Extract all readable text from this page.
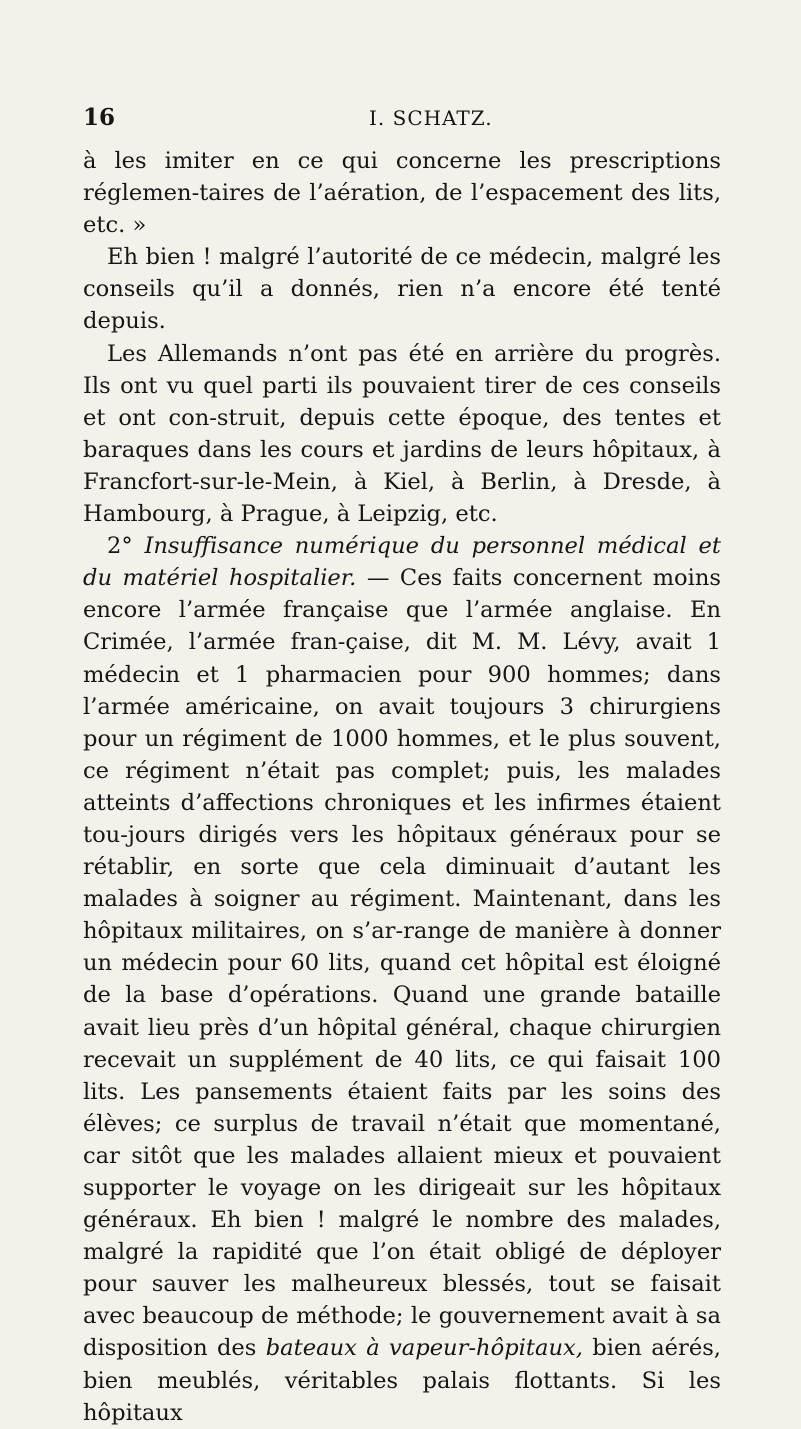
16	I. SCHATZ.

à les imiter en ce qui concerne les prescriptions réglemen-taires de l’aération, de l’espacement des lits, etc. »

Eh bien ! malgré l’autorité de ce médecin, malgré les conseils qu’il a donnés, rien n’a encore été tenté depuis.

Les Allemands n’ont pas été en arrière du progrès. Ils ont vu quel parti ils pouvaient tirer de ces conseils et ont con-struit, depuis cette époque, des tentes et baraques dans les cours et jardins de leurs hôpitaux, à Francfort-sur-le-Mein, à Kiel, à Berlin, à Dresde, à Hambourg, à Prague, à Leipzig, etc.

2° Insuffisance numérique du personnel médical et du matériel hospitalier. — Ces faits concernent moins encore l’armée française que l’armée anglaise. En Crimée, l’armée fran-çaise, dit M. M. Lévy, avait 1 médecin et 1 pharmacien pour 900 hommes; dans l’armée américaine, on avait toujours 3 chirurgiens pour un régiment de 1000 hommes, et le plus souvent, ce régiment n’était pas complet; puis, les malades atteints d’affections chroniques et les infirmes étaient tou-jours dirigés vers les hôpitaux généraux pour se rétablir, en sorte que cela diminuait d’autant les malades à soigner au régiment. Maintenant, dans les hôpitaux militaires, on s’ar-range de manière à donner un médecin pour 60 lits, quand cet hôpital est éloigné de la base d’opérations. Quand une grande bataille avait lieu près d’un hôpital général, chaque chirurgien recevait un supplément de 40 lits, ce qui faisait 100 lits. Les pansements étaient faits par les soins des élèves; ce surplus de travail n’était que momentané, car sitôt que les malades allaient mieux et pouvaient supporter le voyage on les dirigeait sur les hôpitaux généraux. Eh bien ! malgré le nombre des malades, malgré la rapidité que l’on était obligé de déployer pour sauver les malheureux blessés, tout se faisait avec beaucoup de méthode; le gouvernement avait à sa disposition des bateaux à vapeur-hôpitaux, bien aérés, bien meublés, véritables palais flottants. Si les hôpitaux
